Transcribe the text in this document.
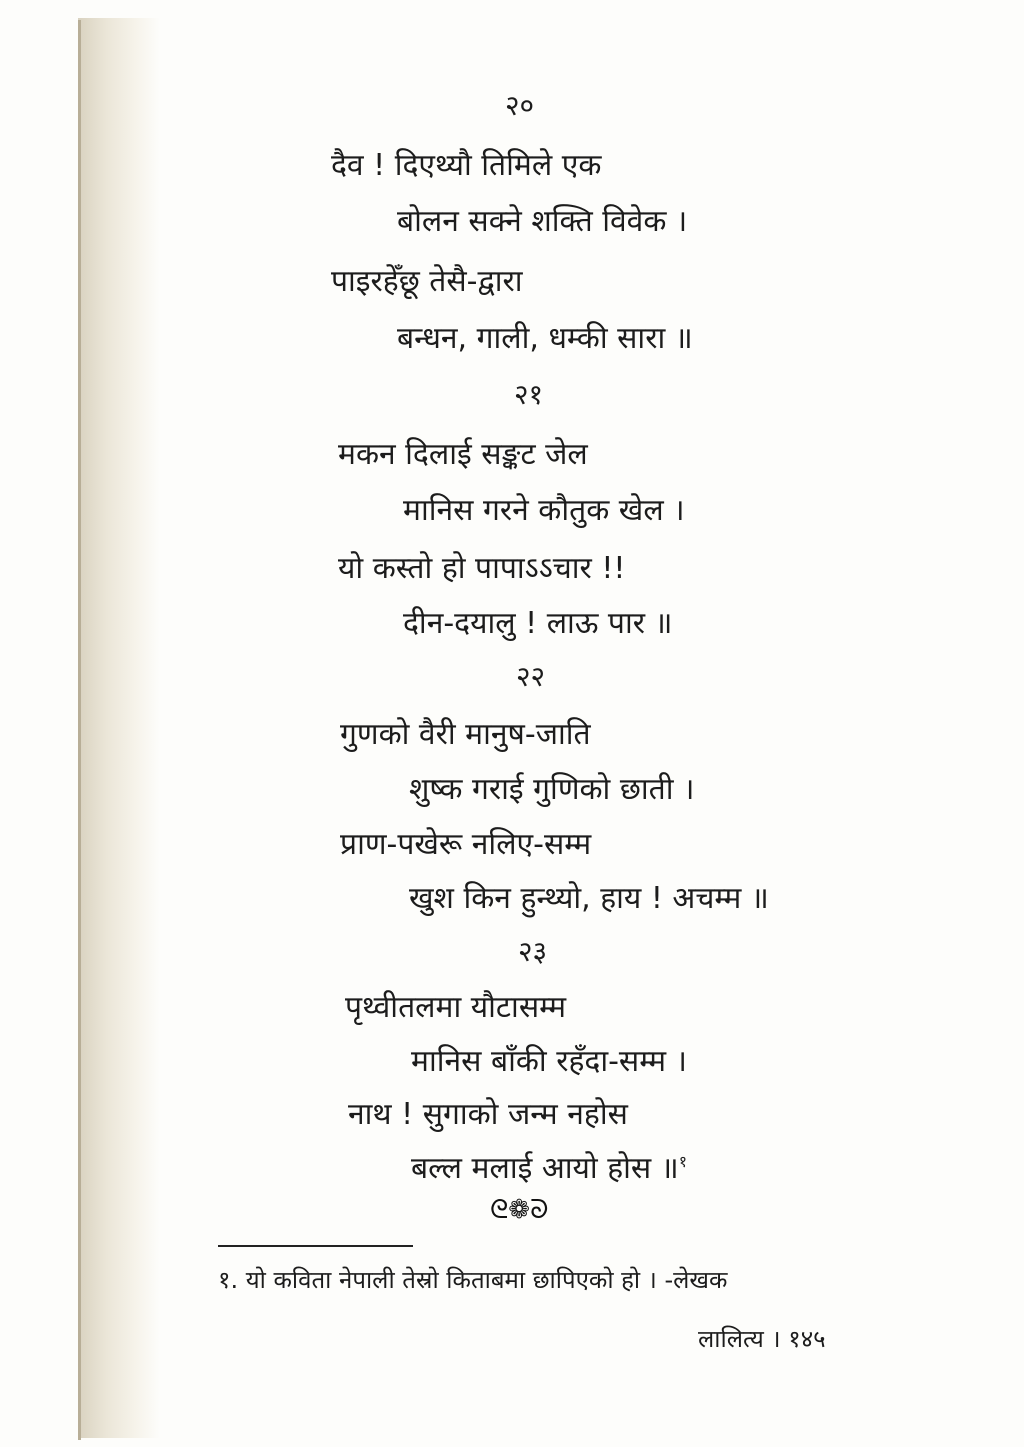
२०
दैव ! दिएथ्यौ तिमिले एक
बोलन सक्ने शक्ति विवेक ।
पाइरहेँछू तेसै-द्वारा
बन्धन, गाली, धम्की सारा ॥
२१
मकन दिलाई सङ्कट जेल
मानिस गरने कौतुक खेल ।
यो कस्तो हो पापाऽऽचार !!
दीन-दयालु ! लाऊ पार ॥
२२
गुणको वैरी मानुष-जाति
शुष्क गराई गुणिको छाती ।
प्राण-पखेरू नलिए-सम्म
खुश किन हुन्थ्यो, हाय ! अचम्म ॥
२३
पृथ्वीतलमा यौटासम्म
मानिस बाँकी रहँदा-सम्म ।
नाथ ! सुगाको जन्म नहोस
बल्ल मलाई आयो होस ॥$^१$
ᘓ❁ᘐ
१. यो कविता नेपाली तेस्रो किताबमा छापिएको हो । -लेखक
लालित्य । १४५
